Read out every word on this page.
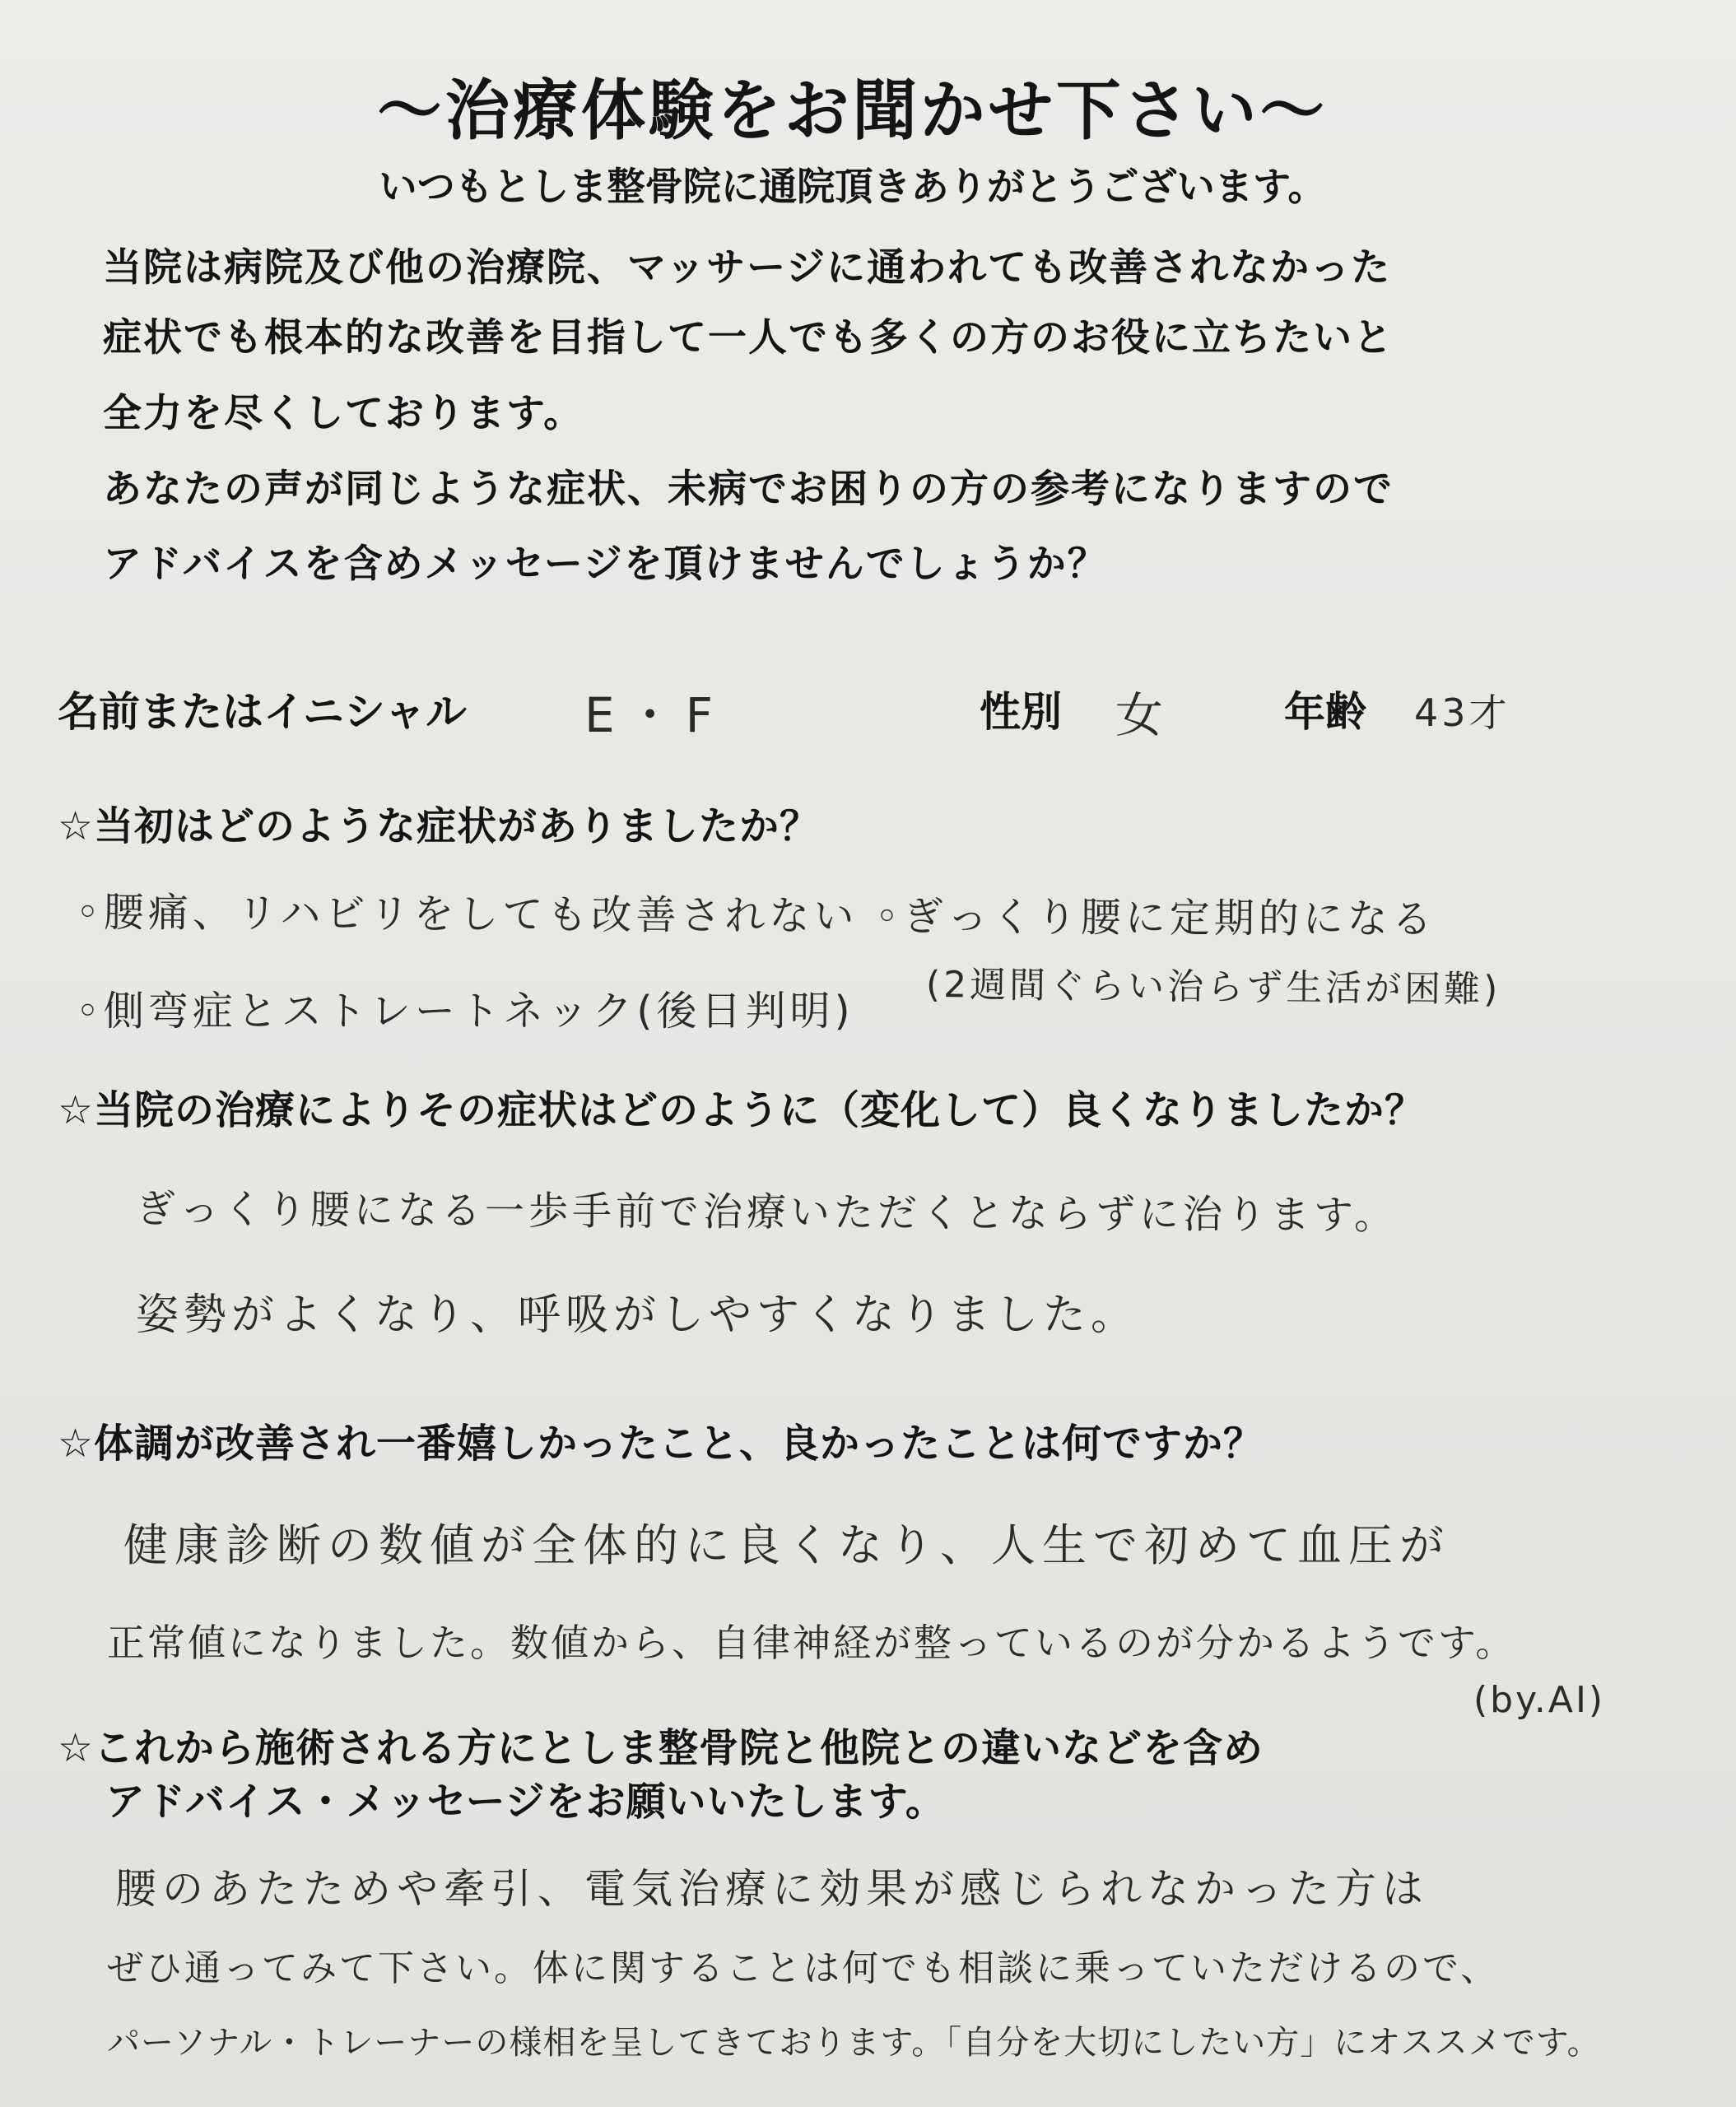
〜治療体験をお聞かせ下さい〜
いつもとしま整骨院に通院頂きありがとうございます。
当院は病院及び他の治療院、マッサージに通われても改善されなかった
症状でも根本的な改善を目指して一人でも多くの方のお役に立ちたいと
全力を尽くしております。
あなたの声が同じような症状、未病でお困りの方の参考になりますので
アドバイスを含めメッセージを頂けませんでしょうか？
名前またはイニシャル E・F	性別 女	年齢 43才
☆当初はどのような症状がありましたか？
◦腰痛、リハビリをしても改善されない ◦ぎっくり腰に定期的になる
(2週間ぐらい治らず生活が困難)
◦側弯症とストレートネック(後日判明)
☆当院の治療によりその症状はどのように（変化して）良くなりましたか？
ぎっくり腰になる一歩手前で治療いただくとならずに治ります。
姿勢がよくなり、呼吸がしやすくなりました。
☆体調が改善され一番嬉しかったこと、良かったことは何ですか？
健康診断の数値が全体的に良くなり、人生で初めて血圧が
正常値になりました。数値から、自律神経が整っているのが分かるようです。
(by.AI)
☆これから施術される方にとしま整骨院と他院との違いなどを含め
アドバイス・メッセージをお願いいたします。
腰のあたためや牽引、電気治療に効果が感じられなかった方は
ぜひ通ってみて下さい。体に関することは何でも相談に乗っていただけるので、
パーソナル・トレーナーの様相を呈してきております。「自分を大切にしたい方」にオススメです。
